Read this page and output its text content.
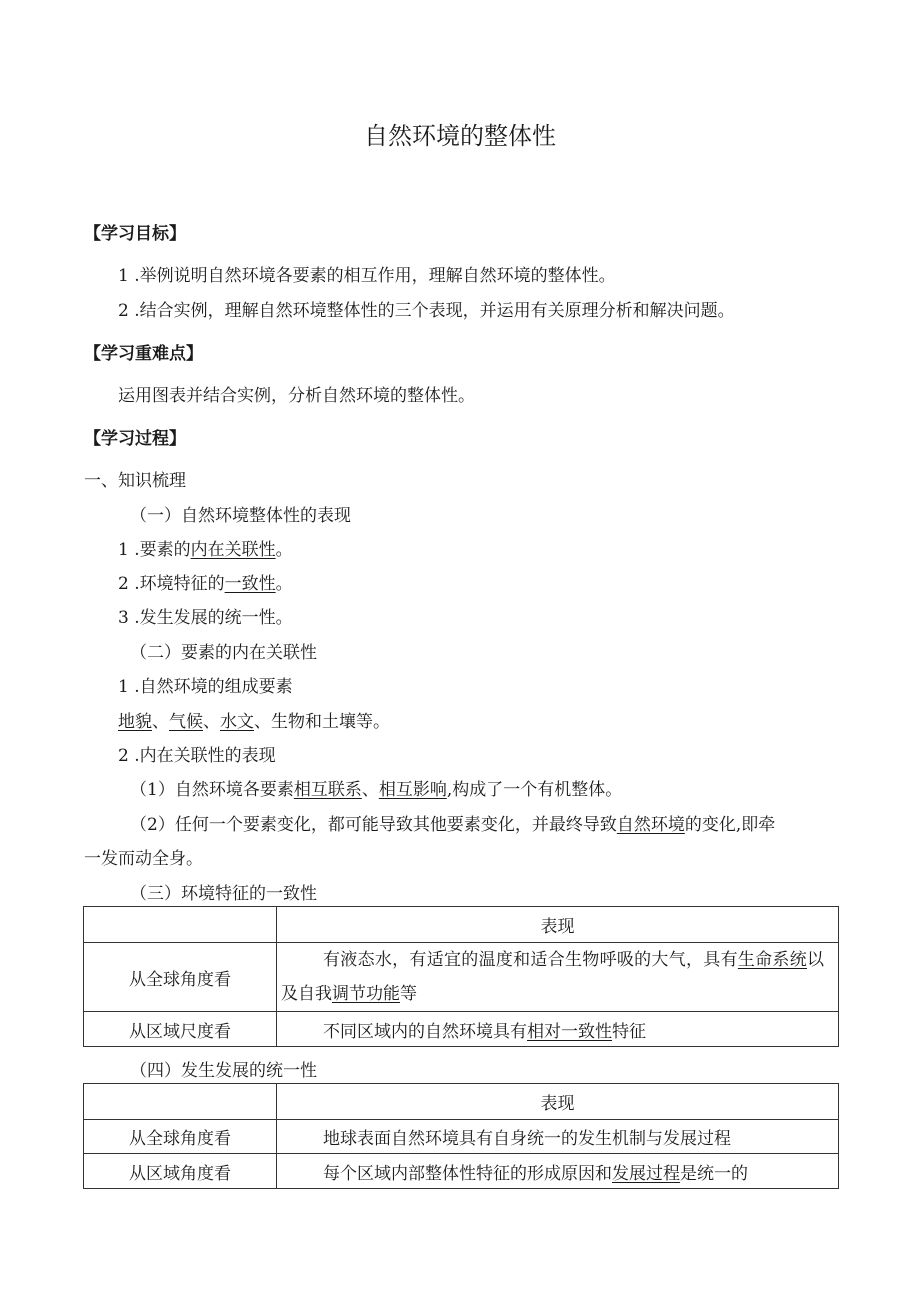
自然环境的整体性
【学习目标】
1 .举例说明自然环境各要素的相互作用，理解自然环境的整体性。
2 .结合实例，理解自然环境整体性的三个表现，并运用有关原理分析和解决问题。
【学习重难点】
运用图表并结合实例，分析自然环境的整体性。
【学习过程】
一、知识梳理
（一）自然环境整体性的表现
1 .要素的内在关联性。
2 .环境特征的一致性。
3 .发生发展的统一性。
（二）要素的内在关联性
1 .自然环境的组成要素
地貌、气候、水文、生物和土壤等。
2 .内在关联性的表现
（1）自然环境各要素相互联系、相互影响,构成了一个有机整体。
（2）任何一个要素变化，都可能导致其他要素变化，并最终导致自然环境的变化,即牵
一发而动全身。
（三）环境特征的一致性
	表现
从全球角度看	有液态水，有适宜的温度和适合生物呼吸的大气，具有生命系统以及自我调节功能等
从区域尺度看	不同区域内的自然环境具有相对一致性特征
（四）发生发展的统一性
	表现
从全球角度看	地球表面自然环境具有自身统一的发生机制与发展过程
从区域角度看	每个区域内部整体性特征的形成原因和发展过程是统一的
